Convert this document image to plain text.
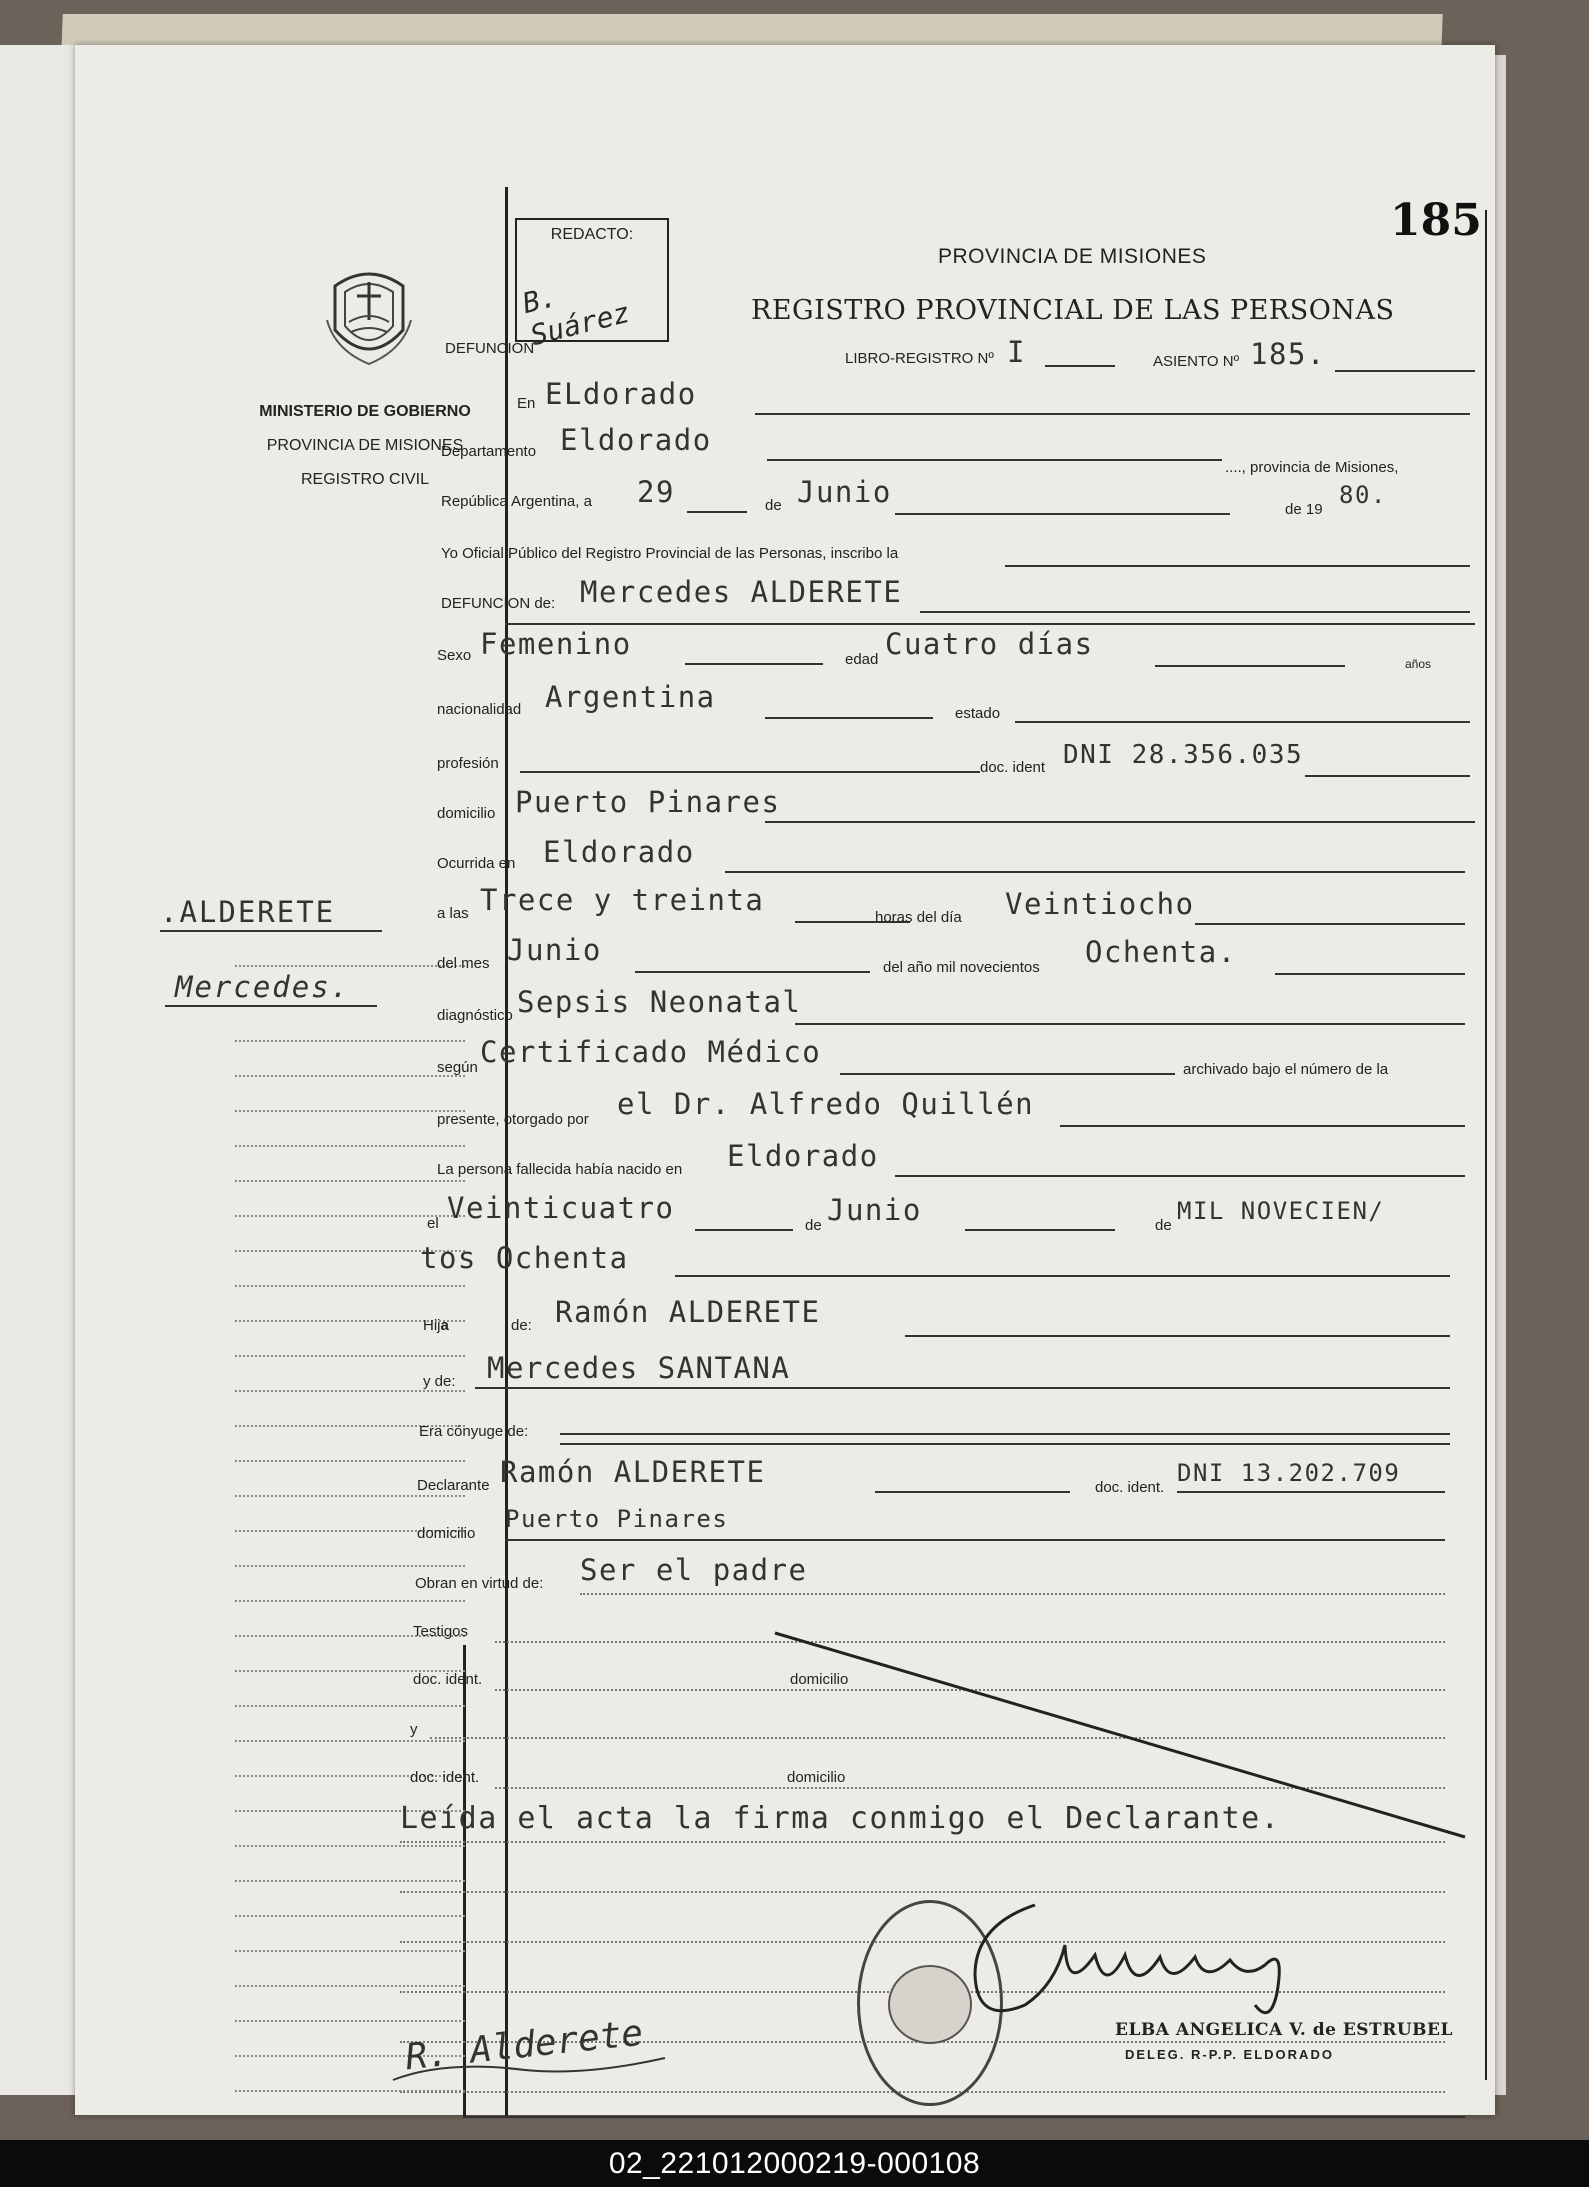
185
REDACTO:
B. Suárez
PROVINCIA DE MISIONES
REGISTRO PROVINCIAL DE LAS PERSONAS
MINISTERIO DE GOBIERNO
PROVINCIA DE MISIONES
REGISTRO CIVIL
.ALDERETE
Mercedes.
DEFUNCION
LIBRO-REGISTRO Nº I	ASIENTO Nº 185.
En ELdorado
Departamento Eldorado
...., provincia de Misiones,
República Argentina, a 29	de Junio
de 19
80.
Yo Oficial Público del Registro Provincial de las Personas, inscribo la
DEFUNCION de: Mercedes ALDERETE
Sexo Femenino	edad Cuatro días
años
nacionalidad Argentina	estado
profesión	doc. ident DNI 28.356.035
domicilio Puerto Pinares
Ocurrida en Eldorado
a las Trece y treinta
horas del día Veintiocho
del mes Junio
del año mil novecientos Ochenta.
diagnóstico Sepsis Neonatal
según Certificado Médico
archivado bajo el número de la
presente, otorgado por el Dr. Alfredo Quillén
La persona fallecida había nacido en Eldorado
el Veinticuatro
de Junio	de
MIL NOVECIEN/
tos Ochenta
Hija	de: Ramón ALDERETE
y de: Mercedes SANTANA
Era cónyuge de:
Declarante Ramón ALDERETE	doc. ident.
DNI 13.202.709
domicilio
Puerto Pinares
Obran en virtud de: Ser el padre
Testigos
doc. ident.	domicilio
y
doc. ident.	domicilio
Leída el acta la firma conmigo el Declarante.
R. Alderete	ELBA ANGELICA V. de ESTRUBEL
DELEG. R-P.P. ELDORADO
02_221012000219-000108
